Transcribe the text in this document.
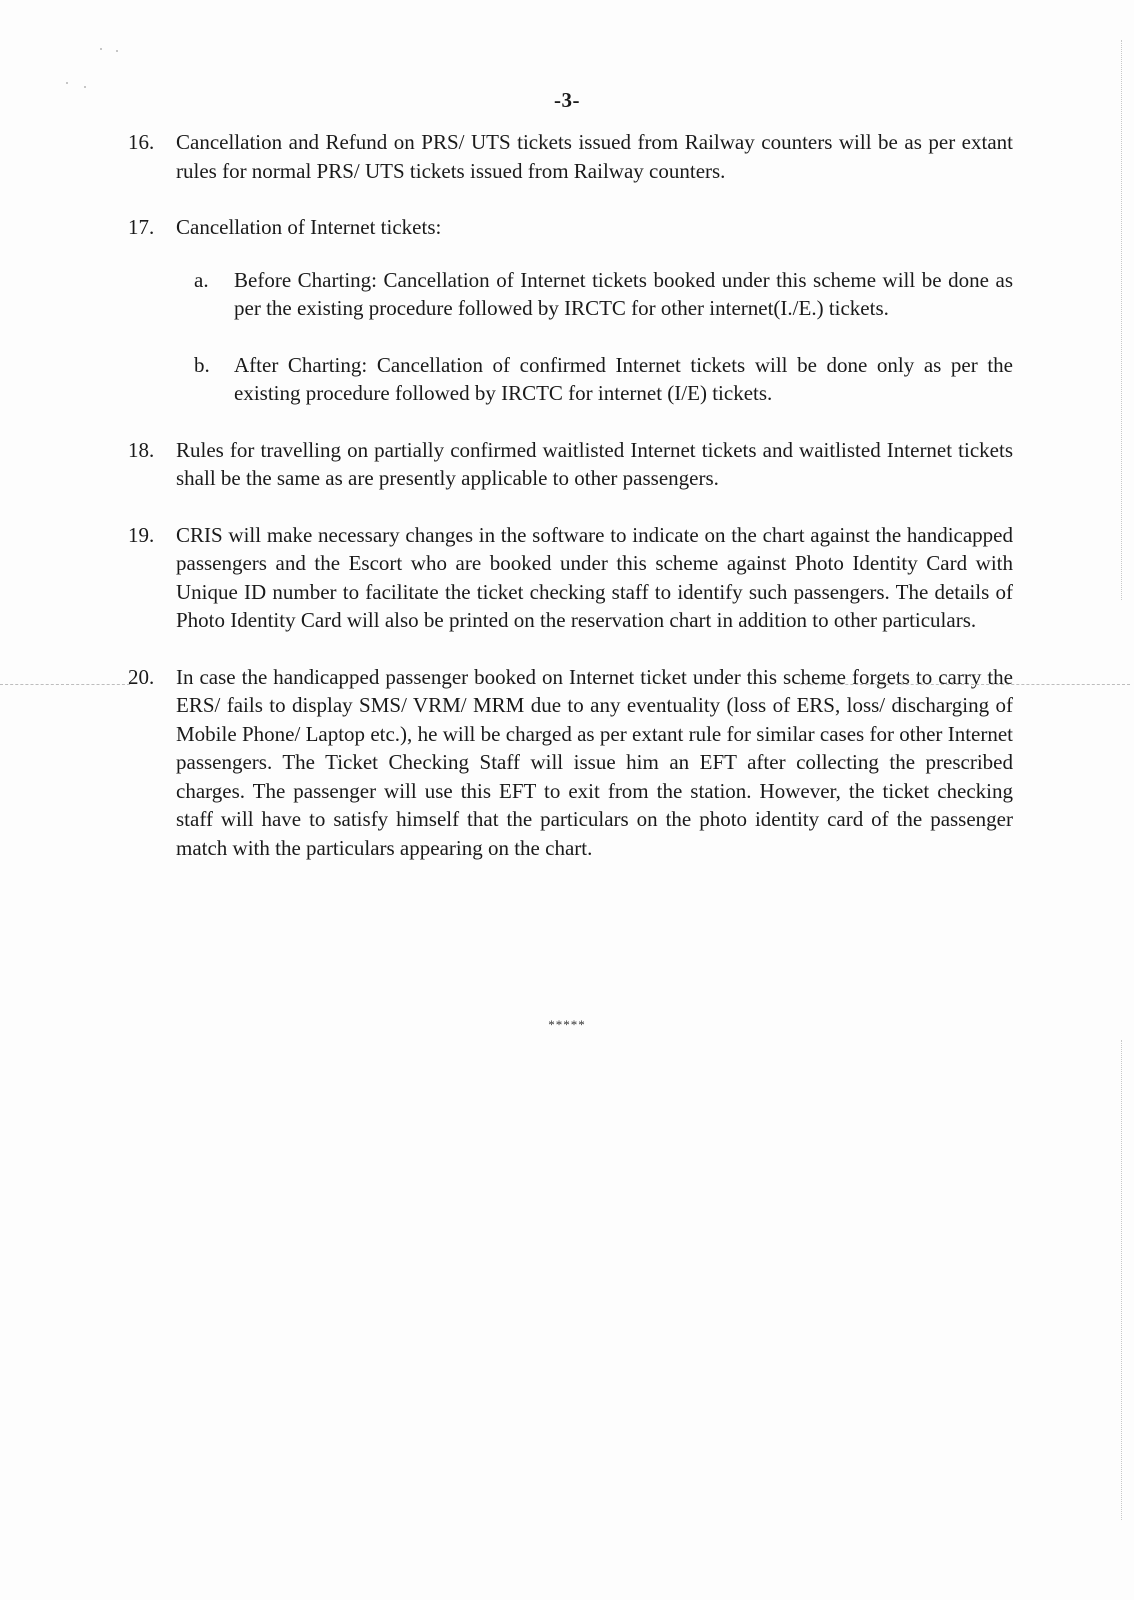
-3-
16. Cancellation and Refund on PRS/ UTS tickets issued from Railway counters will be as per extant rules for normal PRS/ UTS tickets issued from Railway counters.
17. Cancellation of Internet tickets:
a. Before Charting: Cancellation of Internet tickets booked under this scheme will be done as per the existing procedure followed by IRCTC for other internet(I./E.) tickets.
b. After Charting: Cancellation of confirmed Internet tickets will be done only as per the existing procedure followed by IRCTC for internet (I/E) tickets.
18. Rules for travelling on partially confirmed waitlisted Internet tickets and waitlisted Internet tickets shall be the same as are presently applicable to other passengers.
19. CRIS will make necessary changes in the software to indicate on the chart against the handicapped passengers and the Escort who are booked under this scheme against Photo Identity Card with Unique ID number to facilitate the ticket checking staff to identify such passengers. The details of Photo Identity Card will also be printed on the reservation chart in addition to other particulars.
20. In case the handicapped passenger booked on Internet ticket under this scheme forgets to carry the ERS/ fails to display SMS/ VRM/ MRM due to any eventuality (loss of ERS, loss/ discharging of Mobile Phone/ Laptop etc.), he will be charged as per extant rule for similar cases for other Internet passengers. The Ticket Checking Staff will issue him an EFT after collecting the prescribed charges. The passenger will use this EFT to exit from the station. However, the ticket checking staff will have to satisfy himself that the particulars on the photo identity card of the passenger match with the particulars appearing on the chart.
*****
